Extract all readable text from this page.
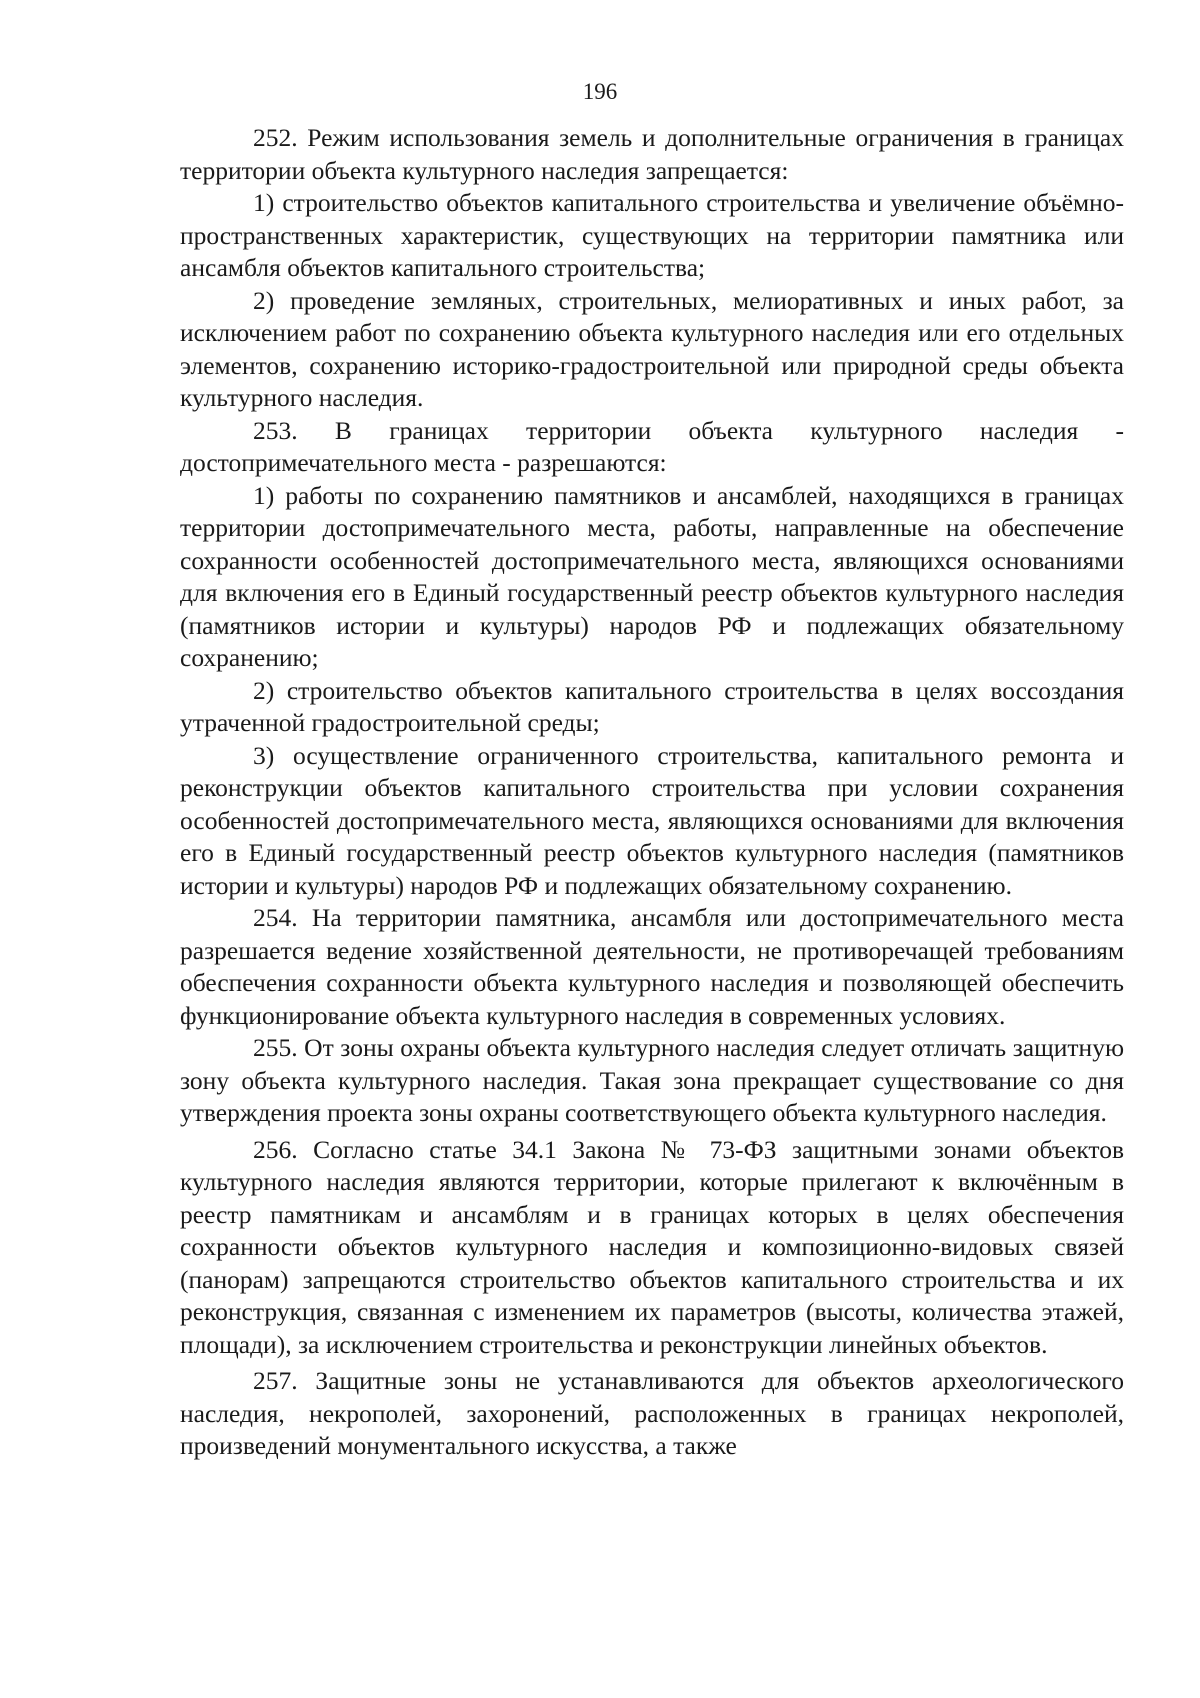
196

252. Режим использования земель и дополнительные ограничения в границах территории объекта культурного наследия запрещается:

1) строительство объектов капитального строительства и увеличение объёмно-пространственных характеристик, существующих на территории памятника или ансамбля объектов капитального строительства;

2) проведение земляных, строительных, мелиоративных и иных работ, за исключением работ по сохранению объекта культурного наследия или его отдельных элементов, сохранению историко-градостроительной или природной среды объекта культурного наследия.

253. В границах территории объекта культурного наследия - достопримечательного места - разрешаются:

1) работы по сохранению памятников и ансамблей, находящихся в границах территории достопримечательного места, работы, направленные на обеспечение сохранности особенностей достопримечательного места, являющихся основаниями для включения его в Единый государственный реестр объектов культурного наследия (памятников истории и культуры) народов РФ и подлежащих обязательному сохранению;

2) строительство объектов капитального строительства в целях воссоздания утраченной градостроительной среды;

3) осуществление ограниченного строительства, капитального ремонта и реконструкции объектов капитального строительства при условии сохранения особенностей достопримечательного места, являющихся основаниями для включения его в Единый государственный реестр объектов культурного наследия (памятников истории и культуры) народов РФ и подлежащих обязательному сохранению.

254. На территории памятника, ансамбля или достопримечательного места разрешается ведение хозяйственной деятельности, не противоречащей требованиям обеспечения сохранности объекта культурного наследия и позволяющей обеспечить функционирование объекта культурного наследия в современных условиях.

255. От зоны охраны объекта культурного наследия следует отличать защитную зону объекта культурного наследия. Такая зона прекращает существование со дня утверждения проекта зоны охраны соответствующего объекта культурного наследия.

256. Согласно статье 34.1 Закона № 73-ФЗ защитными зонами объектов культурного наследия являются территории, которые прилегают к включённым в реестр памятникам и ансамблям и в границах которых в целях обеспечения сохранности объектов культурного наследия и композиционно-видовых связей (панорам) запрещаются строительство объектов капитального строительства и их реконструкция, связанная с изменением их параметров (высоты, количества этажей, площади), за исключением строительства и реконструкции линейных объектов.

257. Защитные зоны не устанавливаются для объектов археологического наследия, некрополей, захоронений, расположенных в границах некрополей, произведений монументального искусства, а также
